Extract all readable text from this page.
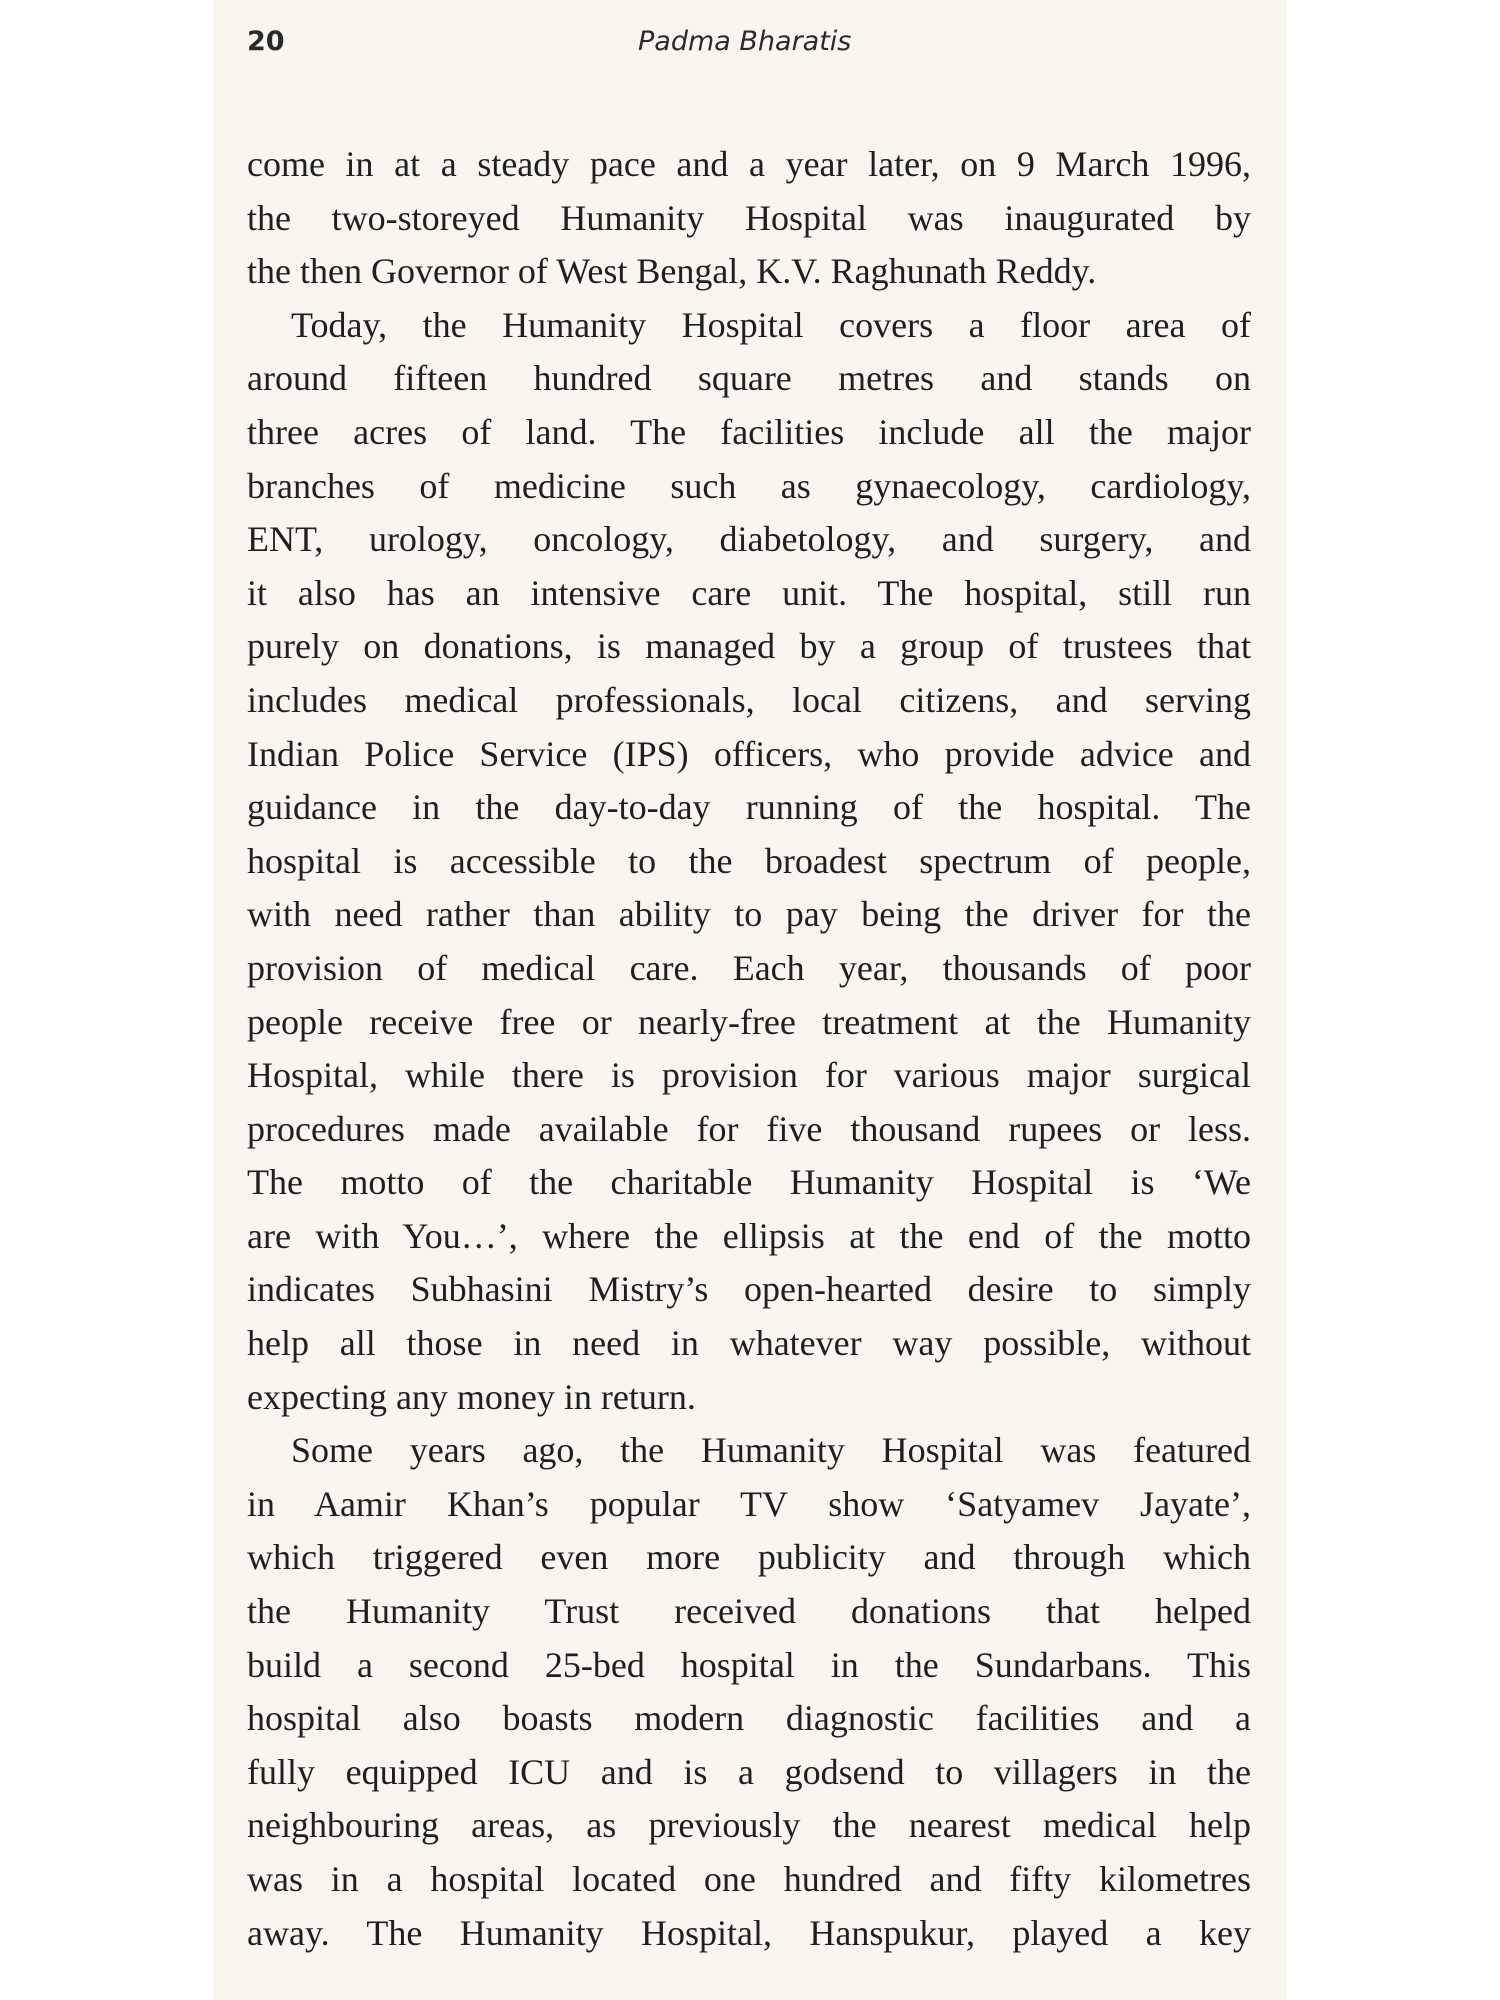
20	Padma Bharatis
come in at a steady pace and a year later, on 9 March 1996,
the two-storeyed Humanity Hospital was inaugurated by
the then Governor of West Bengal, K.V. Raghunath Reddy.
Today, the Humanity Hospital covers a floor area of
around fifteen hundred square metres and stands on
three acres of land. The facilities include all the major
branches of medicine such as gynaecology, cardiology,
ENT, urology, oncology, diabetology, and surgery, and
it also has an intensive care unit. The hospital, still run
purely on donations, is managed by a group of trustees that
includes medical professionals, local citizens, and serving
Indian Police Service (IPS) officers, who provide advice and
guidance in the day-to-day running of the hospital. The
hospital is accessible to the broadest spectrum of people,
with need rather than ability to pay being the driver for the
provision of medical care. Each year, thousands of poor
people receive free or nearly-free treatment at the Humanity
Hospital, while there is provision for various major surgical
procedures made available for five thousand rupees or less.
The motto of the charitable Humanity Hospital is ‘We
are with You…’, where the ellipsis at the end of the motto
indicates Subhasini Mistry’s open-hearted desire to simply
help all those in need in whatever way possible, without
expecting any money in return.
Some years ago, the Humanity Hospital was featured
in Aamir Khan’s popular TV show ‘Satyamev Jayate’,
which triggered even more publicity and through which
the Humanity Trust received donations that helped
build a second 25-bed hospital in the Sundarbans. This
hospital also boasts modern diagnostic facilities and a
fully equipped ICU and is a godsend to villagers in the
neighbouring areas, as previously the nearest medical help
was in a hospital located one hundred and fifty kilometres
away. The Humanity Hospital, Hanspukur, played a key
